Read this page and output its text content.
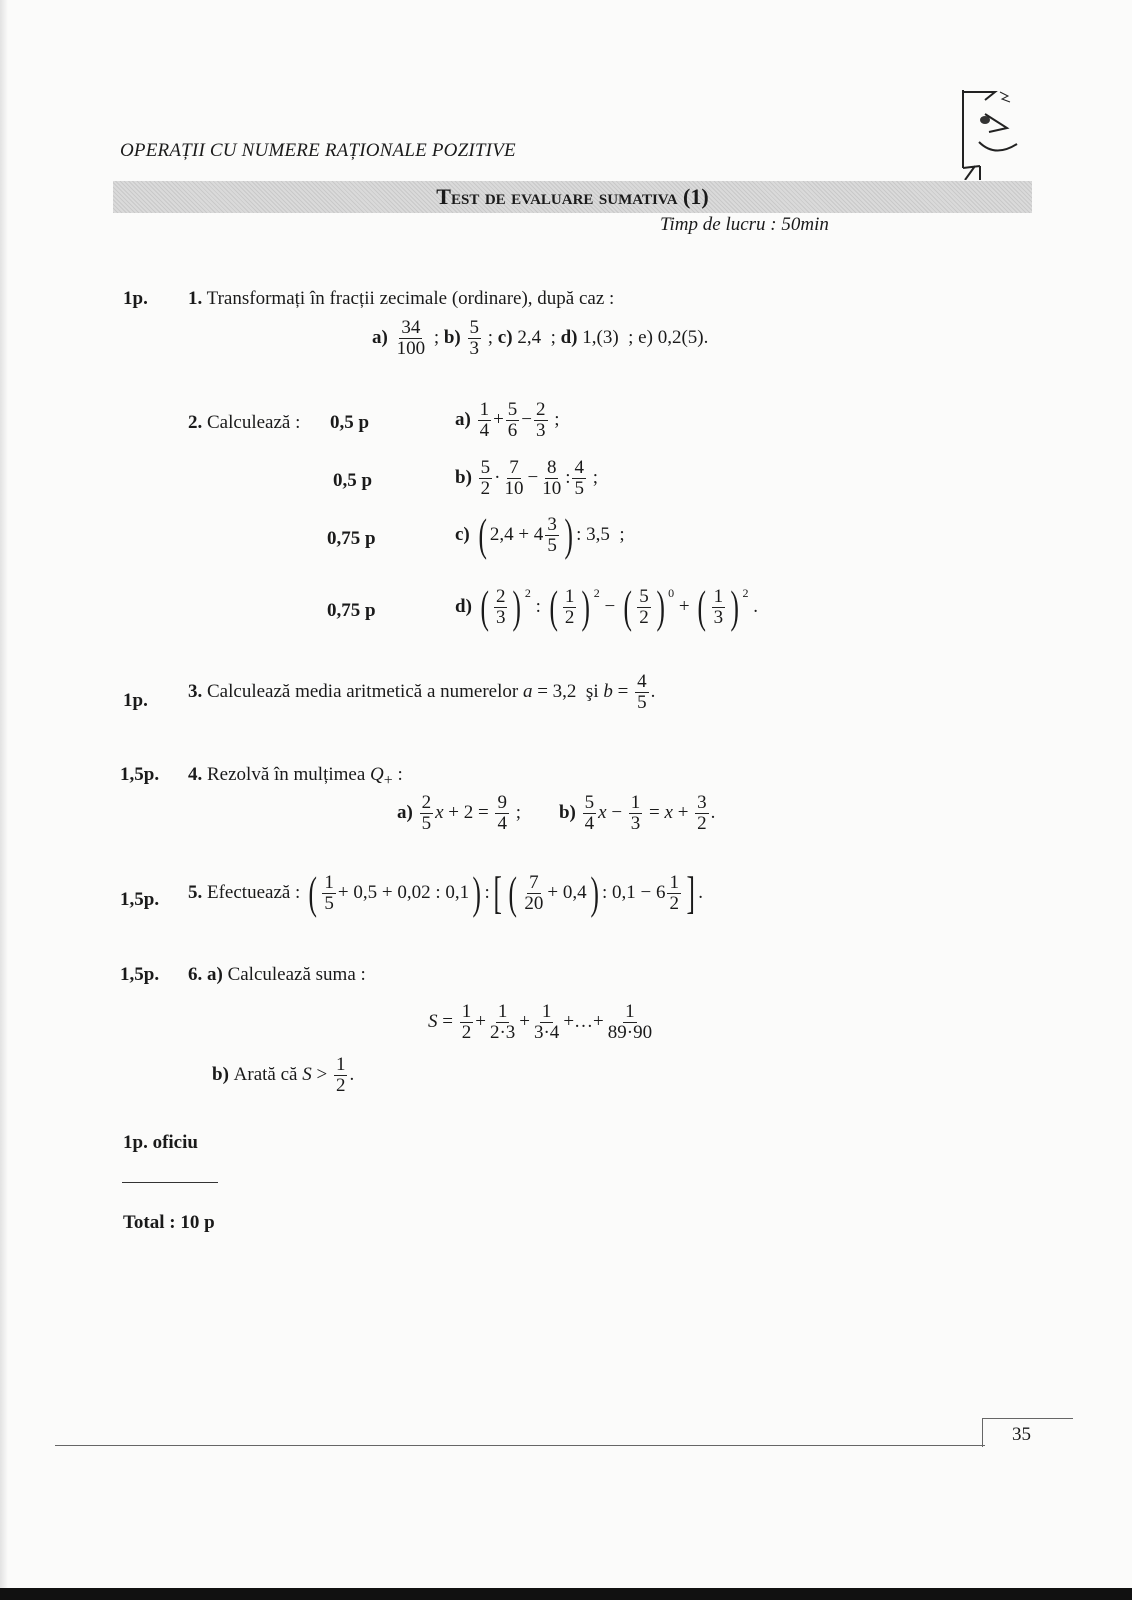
OPERAȚII CU NUMERE RAȚIONALE POZITIVE
Test de evaluare sumativa (1)
Timp de lucru : 50min
1p. 1. Transformați în fracții zecimale (ordinare), după caz :
a)
$\frac{34}{100}$ ; b)
$\frac{5}{3}$ ; c) 2,4  ; d) 1,(3)  ; e) 0,2(5).
2. Calculează : 0,5 p	a)
$\frac{1}{4} + \frac{5}{6} - \frac{2}{3}$ ;
0,5 p	b)
$\frac{5}{2} \cdot \frac{7}{10} - \frac{8}{10}$ : $\frac{4}{5}$ ;
0,75 p	c)
( $2,4 + 4 \frac{3}{5}$ ) : 3,5  ;
0,75 p	d)
( $\frac{2}{3}$ ) 2
: ( $\frac{1}{2}$ ) 2
− ( $\frac{5}{2}$ ) 0
+ ( $\frac{1}{3}$ ) 2
.
1p. 3.
Calculează media aritmetică a numerelor a = 3,2  şi $b = \frac{4}{5}$ .
1,5p. 4. Rezolvă în mulțimea $Q_+$ :
a)
$\frac{2}{5}$ $x + 2 = \frac{9}{4}$ ; b)
$\frac{5}{4}$ $x - \frac{1}{3} = x + \frac{3}{2}$ .
1,5p. 5.
Efectuează : ( $\frac{1}{5} + 0,5 + 0,02$ : 0,1 ) : [ ( $\frac{7}{20} + 0,4$ ) : $0,1 - 6 \frac{1}{2}$ ] .
1,5p. 6. a) Calculează suma :
$S = \frac{1}{2} + \frac{1}{2\cdot 3} + \frac{1}{3\cdot 4}$ +…+ $\frac{1}{89\cdot 90}$
b) Arată că $S > \frac{1}{2}$ .
1p. oficiu
Total : 10 p
35
